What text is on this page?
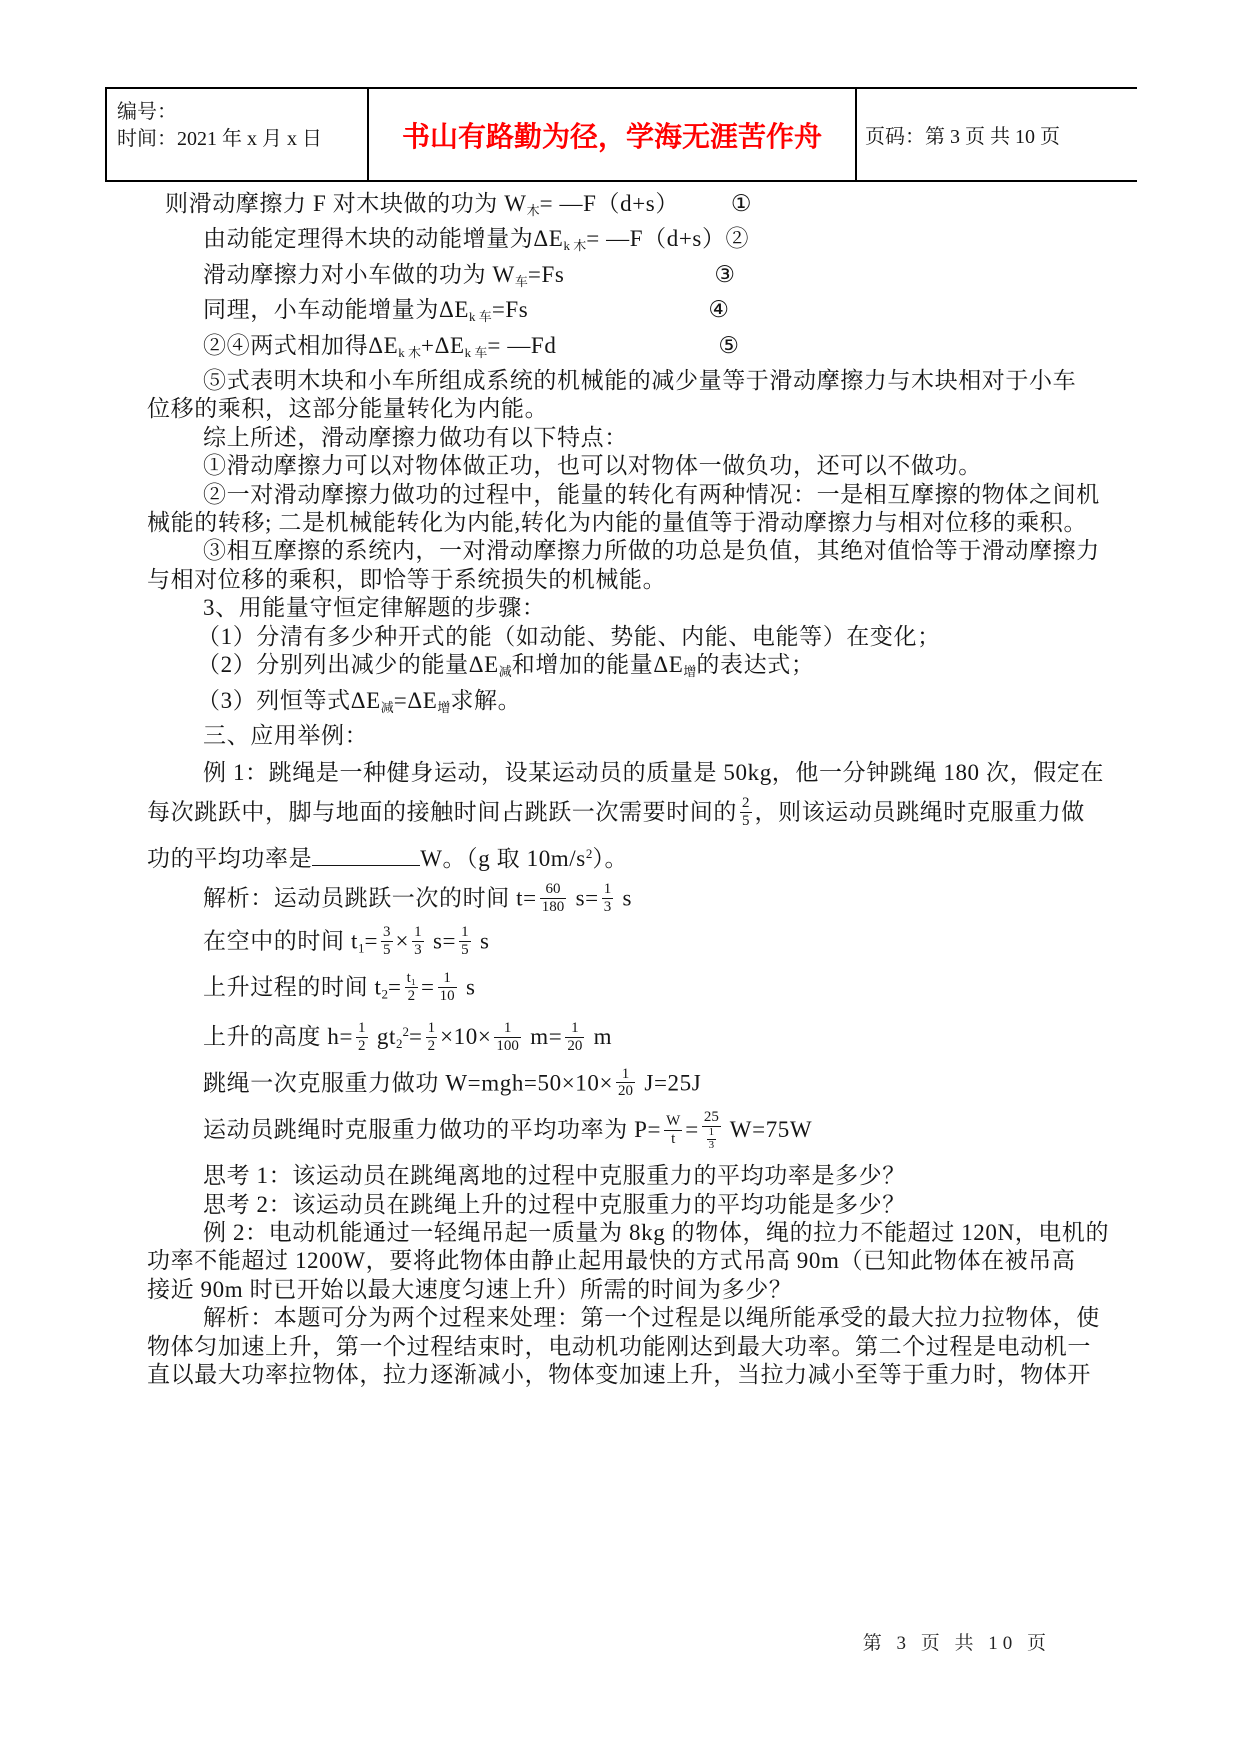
编号：
时间：2021 年 x 月 x 日	书山有路勤为径，学海无涯苦作舟 页码：第 3 页 共 10 页
则滑动摩擦力 F 对木块做的功为 W木= —F（d+s） ①
由动能定理得木块的动能增量为ΔEk 木= —F（d+s）②
滑动摩擦力对小车做的功为 W车=Fs	③
同理，小车动能增量为ΔEk 车=Fs	④
②④两式相加得ΔEk 木+ΔEk 车= —Fd	⑤
⑤式表明木块和小车所组成系统的机械能的减少量等于滑动摩擦力与木块相对于小车
位移的乘积，这部分能量转化为内能。
综上所述，滑动摩擦力做功有以下特点：
①滑动摩擦力可以对物体做正功，也可以对物体一做负功，还可以不做功。
②一对滑动摩擦力做功的过程中，能量的转化有两种情况：一是相互摩擦的物体之间机
械能的转移; 二是机械能转化为内能,转化为内能的量值等于滑动摩擦力与相对位移的乘积。
③相互摩擦的系统内，一对滑动摩擦力所做的功总是负值，其绝对值恰等于滑动摩擦力
与相对位移的乘积，即恰等于系统损失的机械能。
3、用能量守恒定律解题的步骤：
（1）分清有多少种开式的能（如动能、势能、内能、电能等）在变化；
（2）分别列出减少的能量ΔE减和增加的能量ΔE增的表达式；
（3）列恒等式ΔE减=ΔE增求解。
三、应用举例：
例 1：跳绳是一种健身运动，设某运动员的质量是 50kg，他一分钟跳绳 180 次，假定在
每次跳跃中，脚与地面的接触时间占跳跃一次需要时间的 $\frac{2}{5}$ ，则该运动员跳绳时克服重力做
功的平均功率是	W。（g 取 $10m/s^2$）。
解析：运动员跳跃一次的时间 $t= \frac{60}{180} s= \frac{1}{3}$ s
在空中的时间 $t1= \frac{3}{5} \times \frac{1}{3} s= \frac{1}{5}$ s
上升过程的时间 $t2= \frac{\text{t₁}}{2} = \frac{1}{10}$ s
上升的高度 $h= \frac{1}{2} gt2^2= \frac{1}{2} \times 10\times \frac{1}{100} m= \frac{1}{20}$ m
跳绳一次克服重力做功 $W=mgh=50\times 10\times \frac{1}{20} J=25J$
运动员跳绳时克服重力做功的平均功率为 $P= \frac{W}{t} = \frac{25}{\frac{1}{3}} W=75W$
思考 1：该运动员在跳绳离地的过程中克服重力的平均功率是多少？
思考 2：该运动员在跳绳上升的过程中克服重力的平均功能是多少？
例 2：电动机能通过一轻绳吊起一质量为 8kg 的物体，绳的拉力不能超过 120N，电机的
功率不能超过 1200W，要将此物体由静止起用最快的方式吊高 90m（已知此物体在被吊高
接近 90m 时已开始以最大速度匀速上升）所需的时间为多少？
解析：本题可分为两个过程来处理：第一个过程是以绳所能承受的最大拉力拉物体，使
物体匀加速上升，第一个过程结束时，电动机功能刚达到最大功率。第二个过程是电动机一
直以最大功率拉物体，拉力逐渐减小，物体变加速上升，当拉力减小至等于重力时，物体开
第 3 页 共 10 页
